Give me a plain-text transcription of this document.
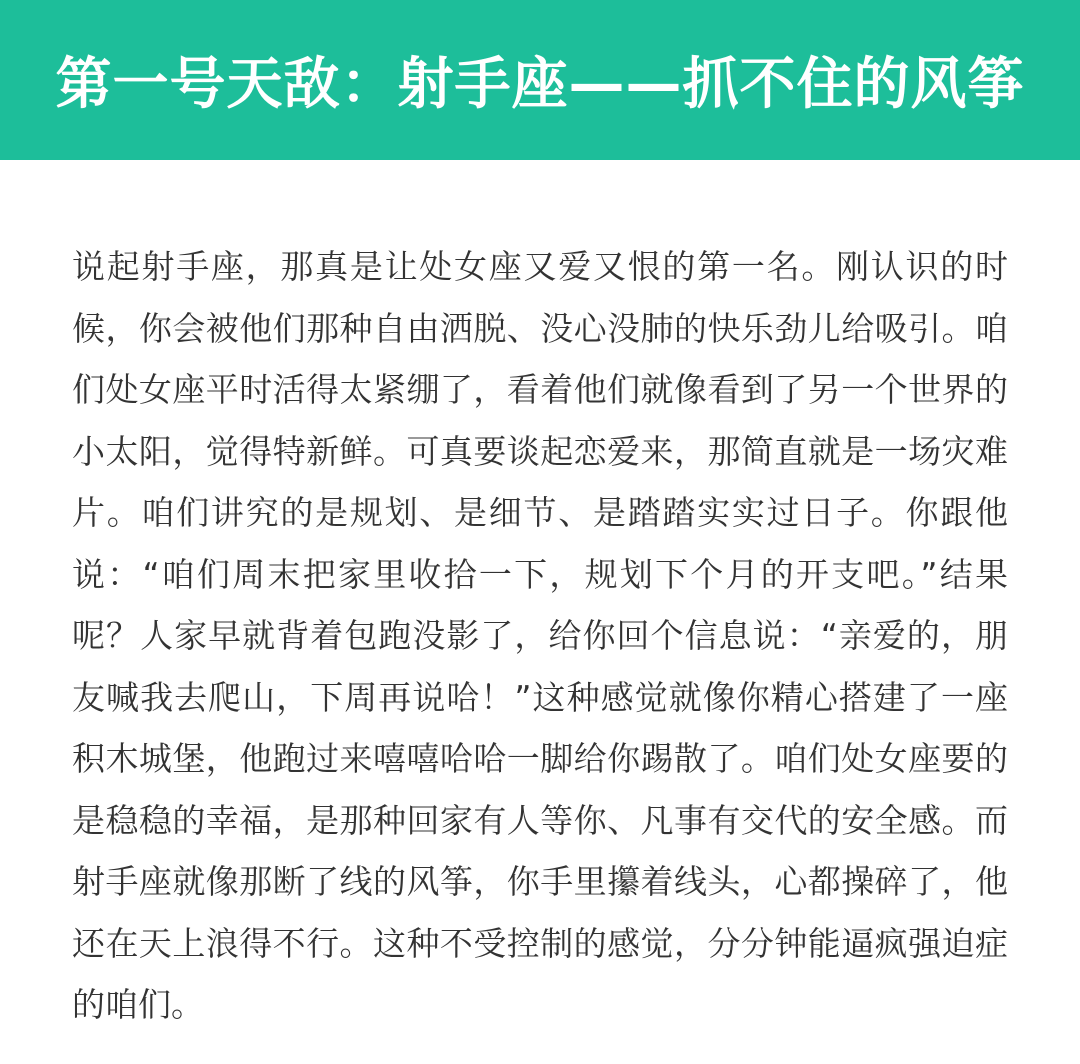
第一号天敌：射手座——抓不住的风筝
说起射手座，那真是让处女座又爱又恨的第一名。刚认识的时
候，你会被他们那种自由洒脱、没心没肺的快乐劲儿给吸引。咱
们处女座平时活得太紧绷了，看着他们就像看到了另一个世界的
小太阳，觉得特新鲜。可真要谈起恋爱来，那简直就是一场灾难
片。咱们讲究的是规划、是细节、是踏踏实实过日子。你跟他
说：“咱们周末把家里收拾一下，规划下个月的开支吧。”结果
呢？人家早就背着包跑没影了，给你回个信息说：“亲爱的，朋
友喊我去爬山，下周再说哈！”这种感觉就像你精心搭建了一座
积木城堡，他跑过来嘻嘻哈哈一脚给你踢散了。咱们处女座要的
是稳稳的幸福，是那种回家有人等你、凡事有交代的安全感。而
射手座就像那断了线的风筝，你手里攥着线头，心都操碎了，他
还在天上浪得不行。这种不受控制的感觉，分分钟能逼疯强迫症
的咱们。
